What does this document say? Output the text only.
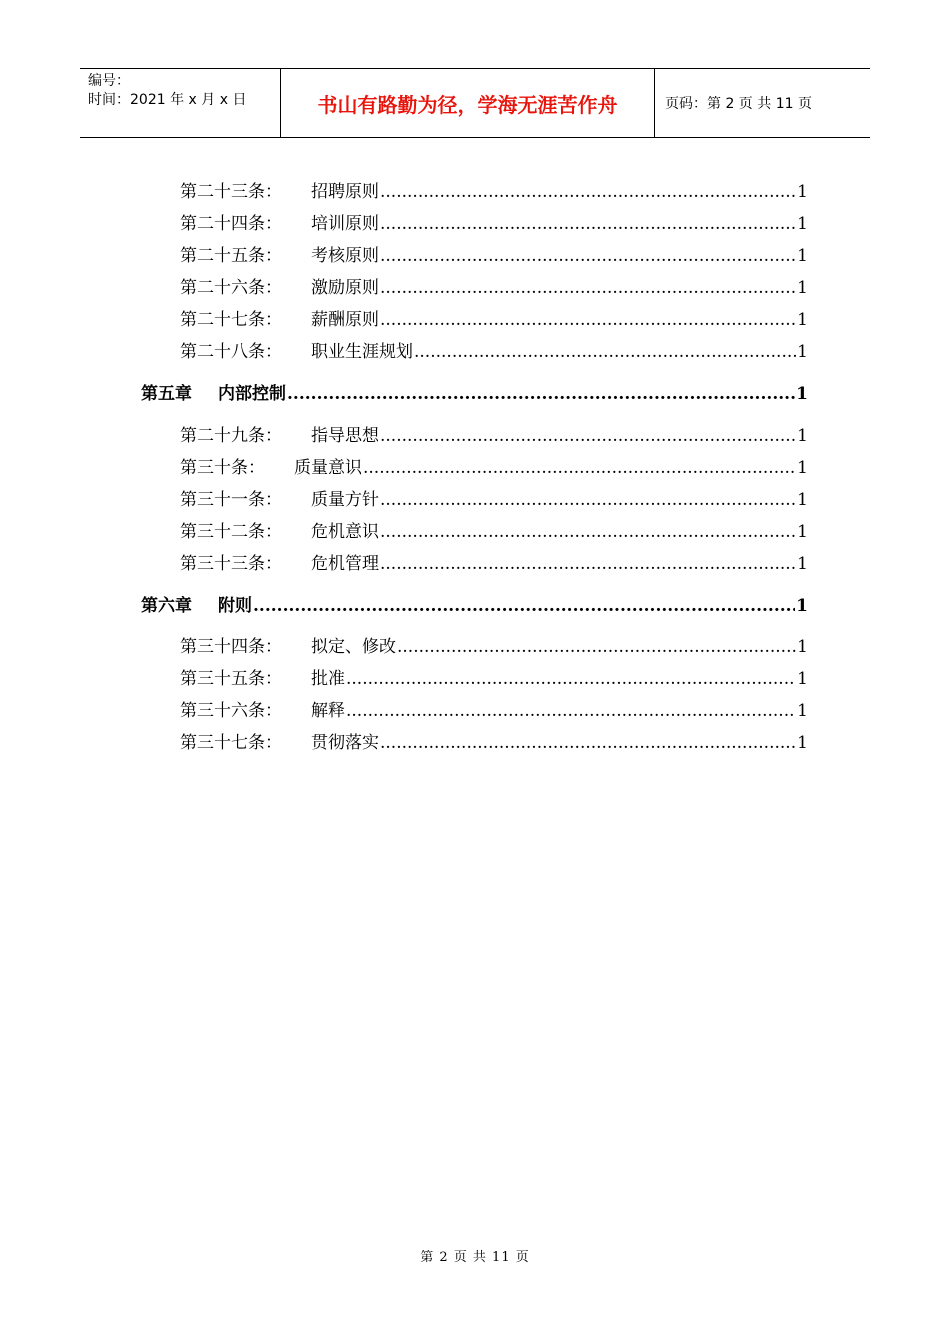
编号：
时间：2021 年 x 月 x 日	书山有路勤为径，学海无涯苦作舟	页码：第 2 页 共 11 页
第二十三条：	招聘原则 .....	1
第二十四条：	培训原则 .....	1
第二十五条：	考核原则 .....	1
第二十六条：	激励原则 .....	1
第二十七条：	薪酬原则 .....	1
第二十八条：	职业生涯规划 .....	1
第五章	内部控制 .....	1
第二十九条：	指导思想 .....	1
第三十条：	质量意识 .....	1
第三十一条：	质量方针 .....	1
第三十二条：	危机意识 .....	1
第三十三条：	危机管理 .....	1
第六章	附则 .....	1
第三十四条：	拟定、修改 .....	1
第三十五条：	批准 .....	1
第三十六条：	解释 .....	1
第三十七条：	贯彻落实 .....	1
第 2 页 共 11 页
